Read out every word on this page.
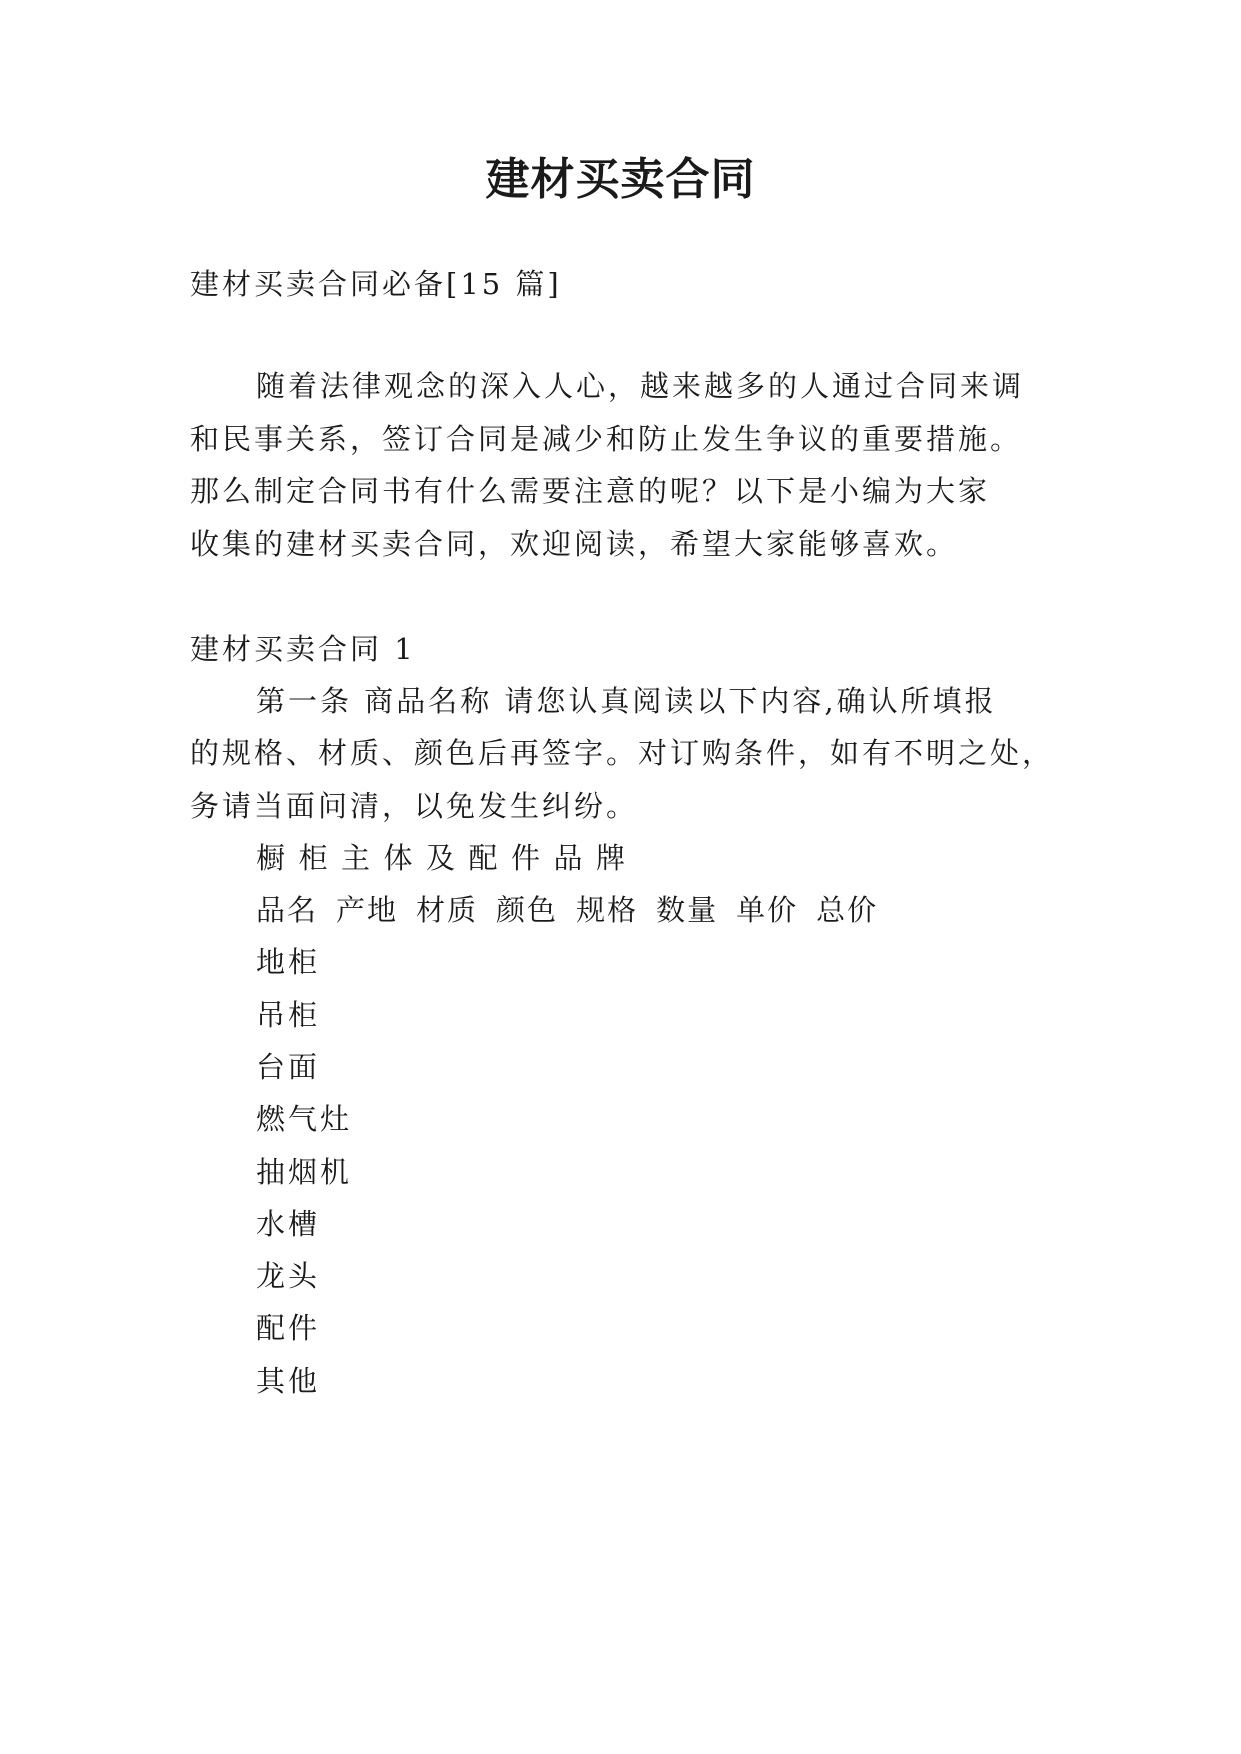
建材买卖合同

建材买卖合同必备[15 篇]

随着法律观念的深入人心，越来越多的人通过合同来调

和民事关系，签订合同是减少和防止发生争议的重要措施。

那么制定合同书有什么需要注意的呢？以下是小编为大家

收集的建材买卖合同，欢迎阅读，希望大家能够喜欢。

建材买卖合同 1

第一条 商品名称 请您认真阅读以下内容,确认所填报

的规格、材质、颜色后再签字。对订购条件，如有不明之处，

务请当面问清，以免发生纠纷。

橱柜主体及配件品牌

品名 产地 材质 颜色 规格 数量 单价 总价

地柜

吊柜

台面

燃气灶

抽烟机

水槽

龙头

配件

其他
